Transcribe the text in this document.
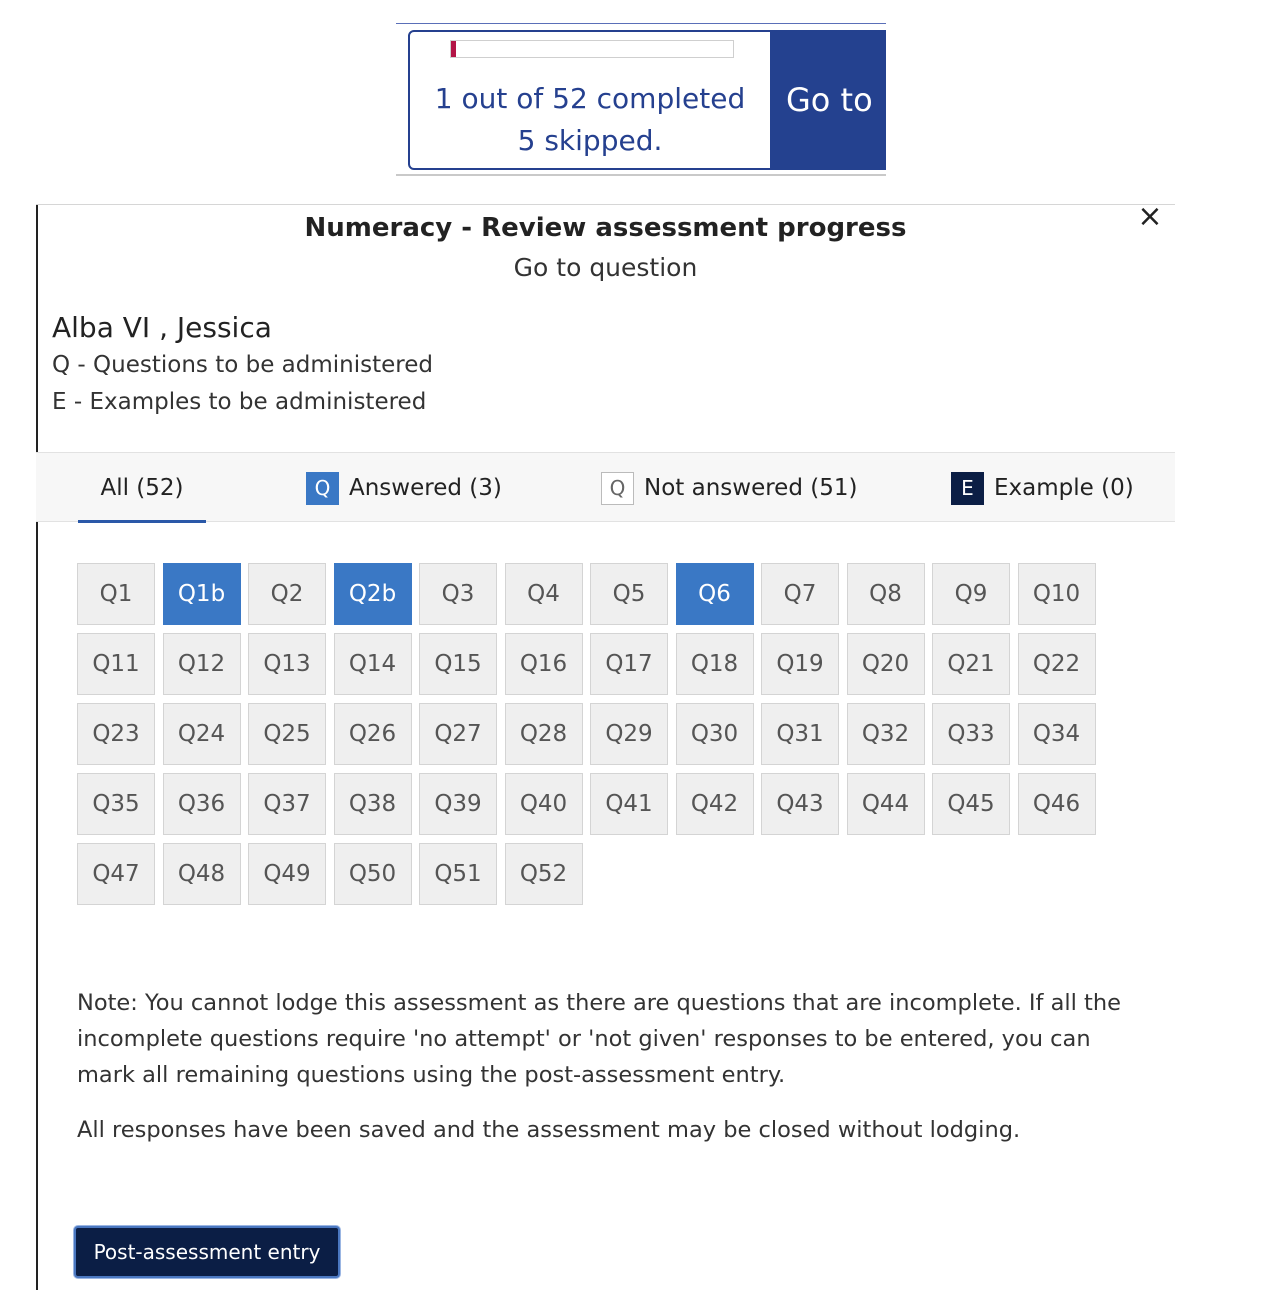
1 out of 52 completed
5 skipped.
Go to
×
Numeracy - Review assessment progress
Go to question
Alba VI , Jessica
Q - Questions to be administered
E - Examples to be administered
All (52)	Q Answered (3)	Q Not answered (51)	E Example (0)
Q1	Q1b	Q2	Q2b	Q3	Q4	Q5	Q6	Q7	Q8	Q9	Q10
Q11	Q12	Q13	Q14	Q15	Q16	Q17	Q18	Q19	Q20	Q21	Q22
Q23	Q24	Q25	Q26	Q27	Q28	Q29	Q30	Q31	Q32	Q33	Q34
Q35	Q36	Q37	Q38	Q39	Q40	Q41	Q42	Q43	Q44	Q45	Q46
Q47	Q48	Q49	Q50	Q51	Q52
Note: You cannot lodge this assessment as there are questions that are incomplete. If all the incomplete questions require 'no attempt' or 'not given' responses to be entered, you can mark all remaining questions using the post-assessment entry.
All responses have been saved and the assessment may be closed without lodging.
Post-assessment entry
